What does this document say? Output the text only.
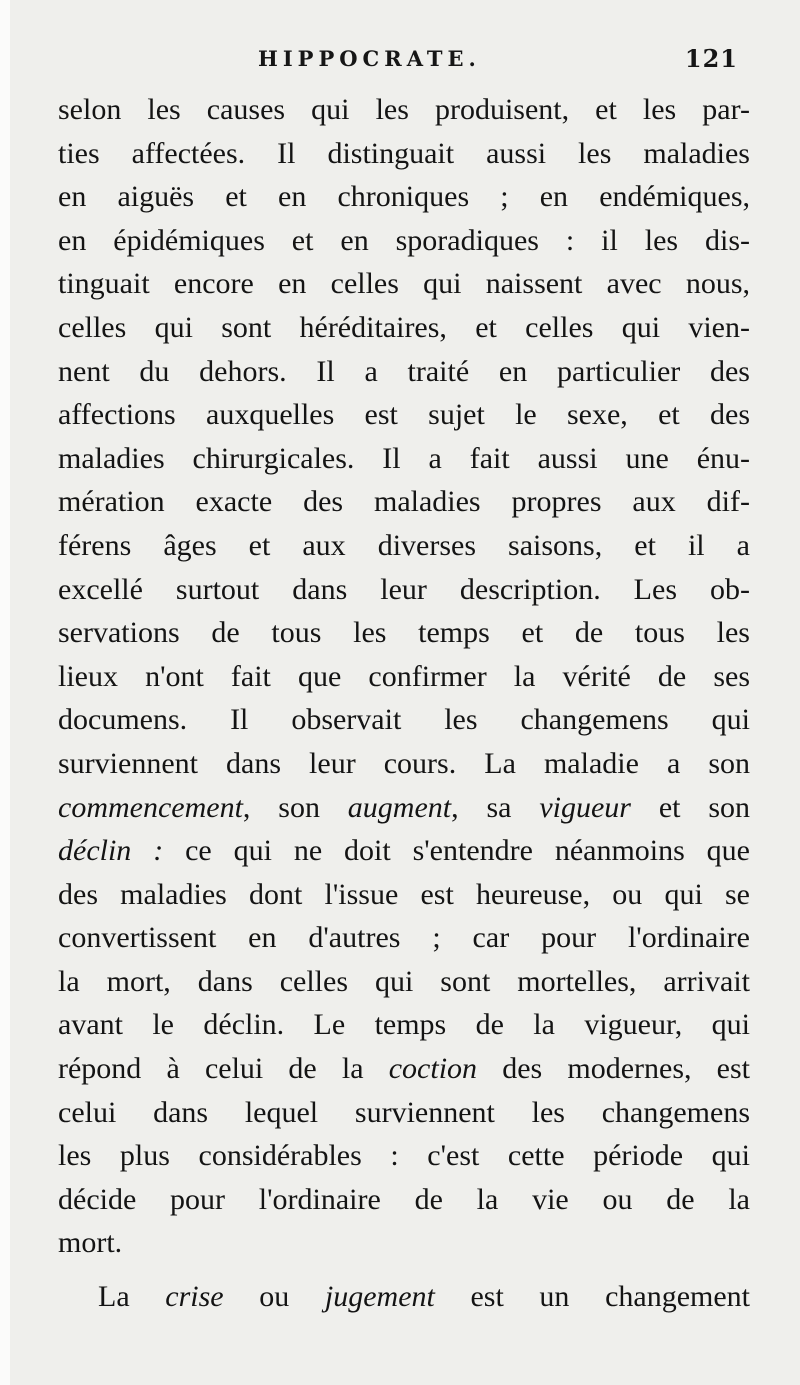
HIPPOCRATE.	121
selon les causes qui les produisent, et les par-
ties affectées. Il distinguait aussi les maladies
en aiguës et en chroniques ; en endémiques,
en épidémiques et en sporadiques : il les dis-
tinguait encore en celles qui naissent avec nous,
celles qui sont héréditaires, et celles qui vien-
nent du dehors. Il a traité en particulier des
affections auxquelles est sujet le sexe, et des
maladies chirurgicales. Il a fait aussi une énu-
mération exacte des maladies propres aux dif-
férens âges et aux diverses saisons, et il a
excellé surtout dans leur description. Les ob-
servations de tous les temps et de tous les
lieux n'ont fait que confirmer la vérité de ses
documens. Il observait les changemens qui
surviennent dans leur cours. La maladie a son
commencement, son augment, sa vigueur et son
déclin : ce qui ne doit s'entendre néanmoins que
des maladies dont l'issue est heureuse, ou qui se
convertissent en d'autres ; car pour l'ordinaire
la mort, dans celles qui sont mortelles, arrivait
avant le déclin. Le temps de la vigueur, qui
répond à celui de la coction des modernes, est
celui dans lequel surviennent les changemens
les plus considérables : c'est cette période qui
décide pour l'ordinaire de la vie ou de la
mort.
La crise ou jugement est un changement
